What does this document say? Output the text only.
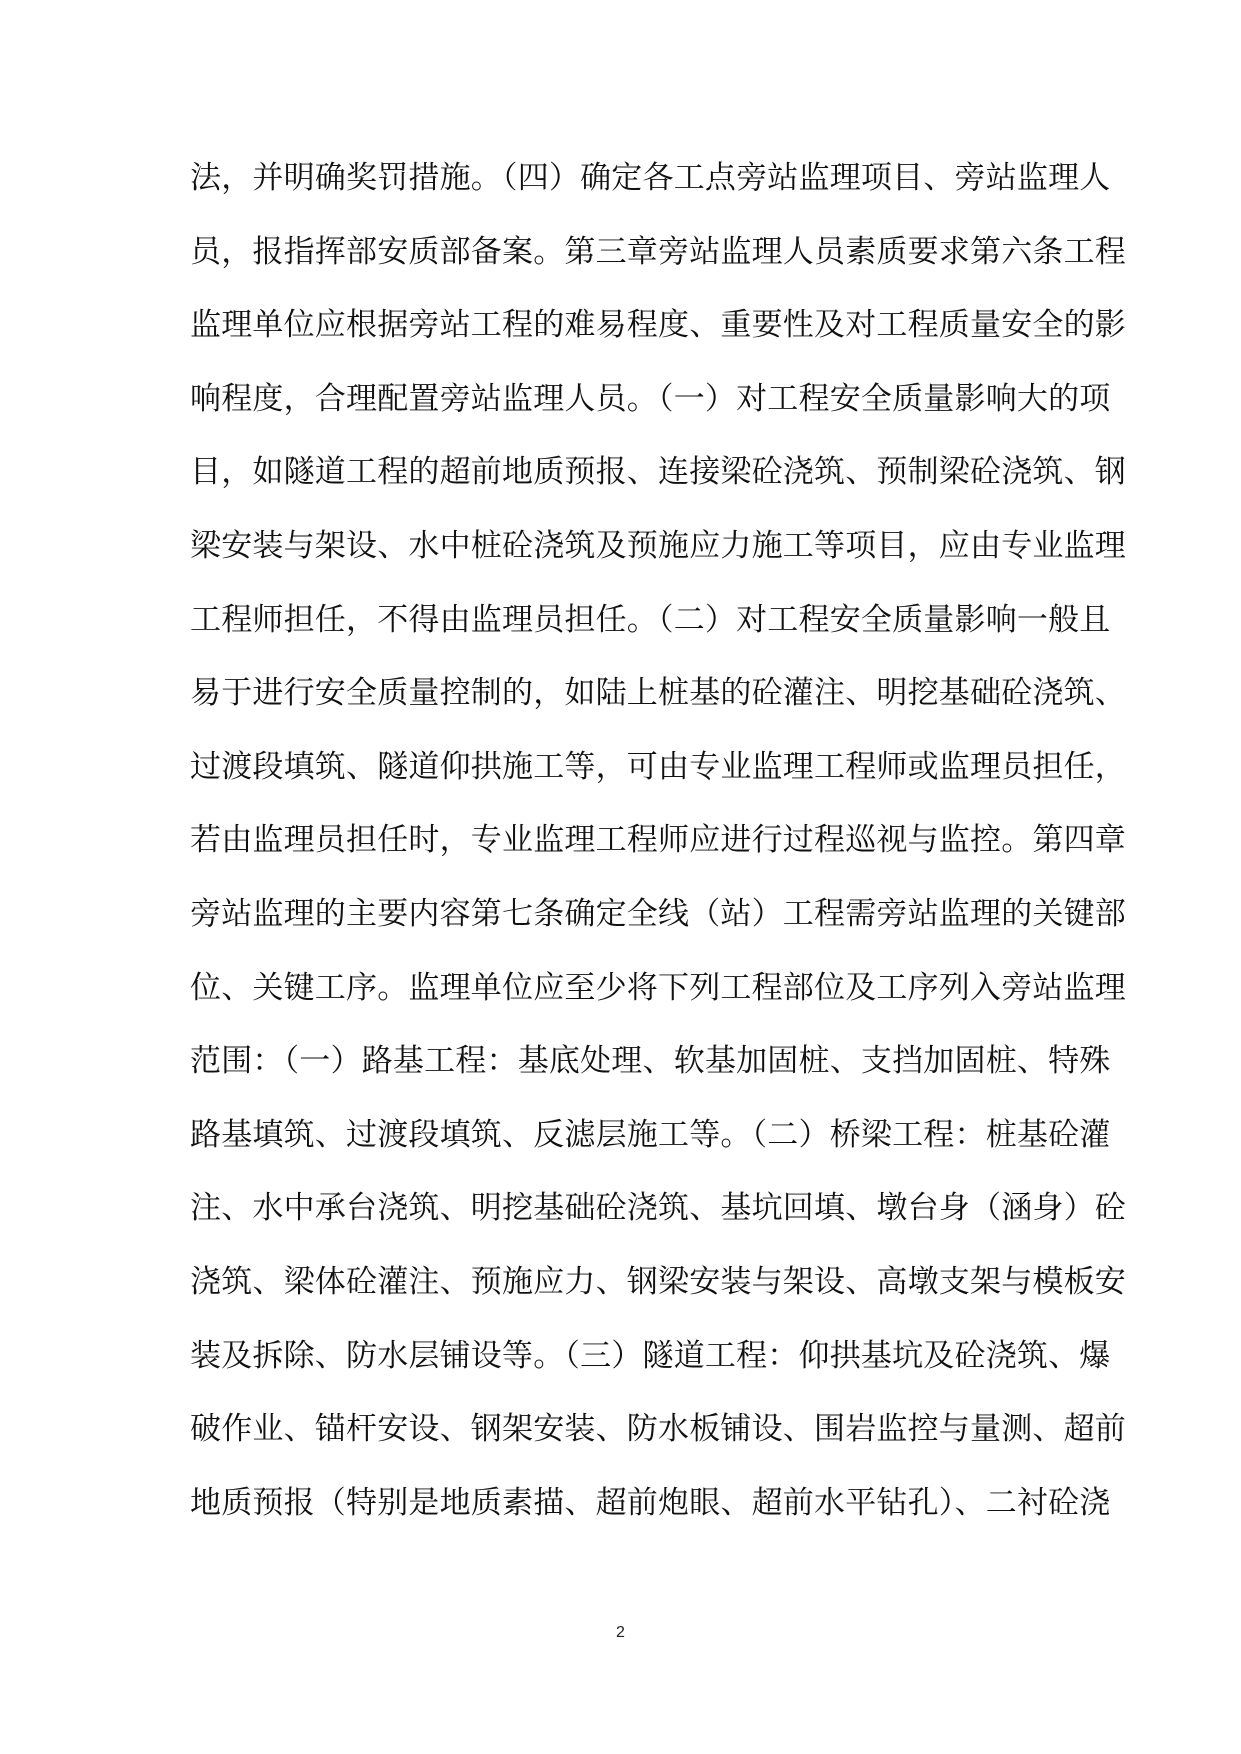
法，并明确奖罚措施。（四）确定各工点旁站监理项目、旁站监理人
员，报指挥部安质部备案。第三章旁站监理人员素质要求第六条工程
监理单位应根据旁站工程的难易程度、重要性及对工程质量安全的影
响程度，合理配置旁站监理人员。（一）对工程安全质量影响大的项
目，如隧道工程的超前地质预报、连接梁砼浇筑、预制梁砼浇筑、钢
梁安装与架设、水中桩砼浇筑及预施应力施工等项目，应由专业监理
工程师担任，不得由监理员担任。（二）对工程安全质量影响一般且
易于进行安全质量控制的，如陆上桩基的砼灌注、明挖基础砼浇筑、
过渡段填筑、隧道仰拱施工等，可由专业监理工程师或监理员担任，
若由监理员担任时，专业监理工程师应进行过程巡视与监控。第四章
旁站监理的主要内容第七条确定全线（站）工程需旁站监理的关键部
位、关键工序。监理单位应至少将下列工程部位及工序列入旁站监理
范围：（一）路基工程：基底处理、软基加固桩、支挡加固桩、特殊
路基填筑、过渡段填筑、反滤层施工等。（二）桥梁工程：桩基砼灌
注、水中承台浇筑、明挖基础砼浇筑、基坑回填、墩台身（涵身）砼
浇筑、梁体砼灌注、预施应力、钢梁安装与架设、高墩支架与模板安
装及拆除、防水层铺设等。（三）隧道工程：仰拱基坑及砼浇筑、爆
破作业、锚杆安设、钢架安装、防水板铺设、围岩监控与量测、超前
地质预报（特别是地质素描、超前炮眼、超前水平钻孔）、二衬砼浇
2
